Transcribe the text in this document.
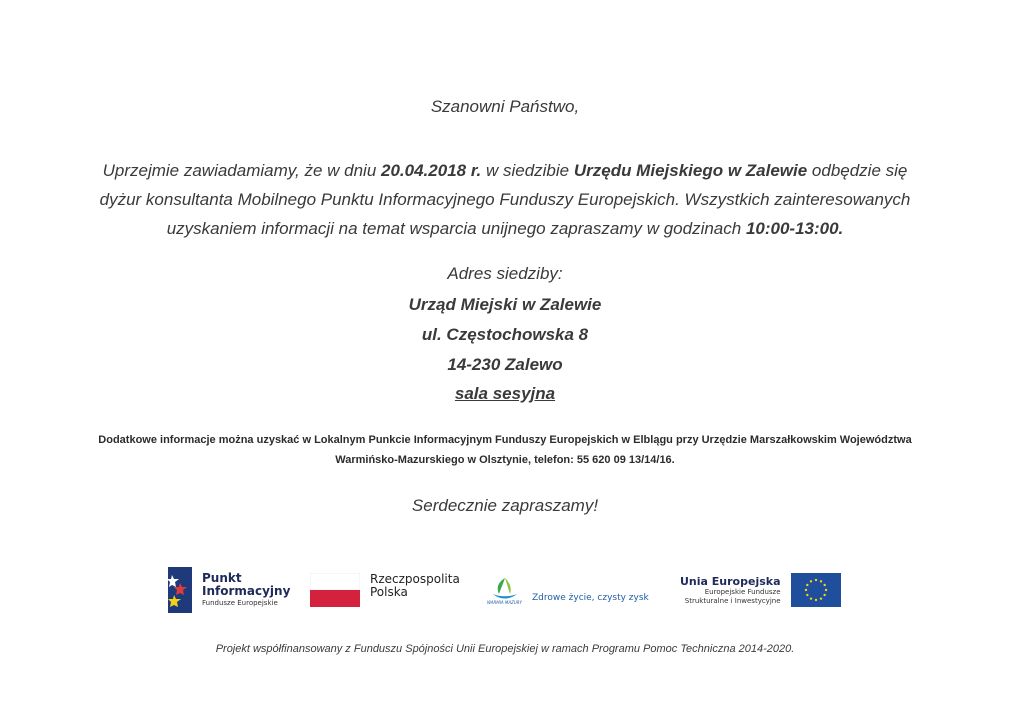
Szanowni Państwo,
Uprzejmie zawiadamiamy, że w dniu 20.04.2018 r. w siedzibie Urzędu Miejskiego w Zalewie odbędzie się
dyżur konsultanta Mobilnego Punktu Informacyjnego Funduszy Europejskich. Wszystkich zainteresowanych
uzyskaniem informacji na temat wsparcia unijnego zapraszamy w godzinach 10:00-13:00.
Adres siedziby:
Urząd Miejski w Zalewie
ul. Częstochowska 8
14-230 Zalewo
sala sesyjna
Dodatkowe informacje można uzyskać w Lokalnym Punkcie Informacyjnym Funduszy Europejskich w Elblągu przy Urzędzie Marszałkowskim Województwa
Warmińsko-Mazurskiego w Olsztynie, telefon: 55 620 09 13/14/16.
Serdecznie zapraszamy!
Punkt
Informacyjny
Fundusze Europejskie
Rzeczpospolita
Polska
WARMIA MAZURY Zdrowe życie, czysty zysk
Unia Europejska
Europejskie Fundusze
Strukturalne i Inwestycyjne
Projekt współfinansowany z Funduszu Spójności Unii Europejskiej w ramach Programu Pomoc Techniczna 2014-2020.
